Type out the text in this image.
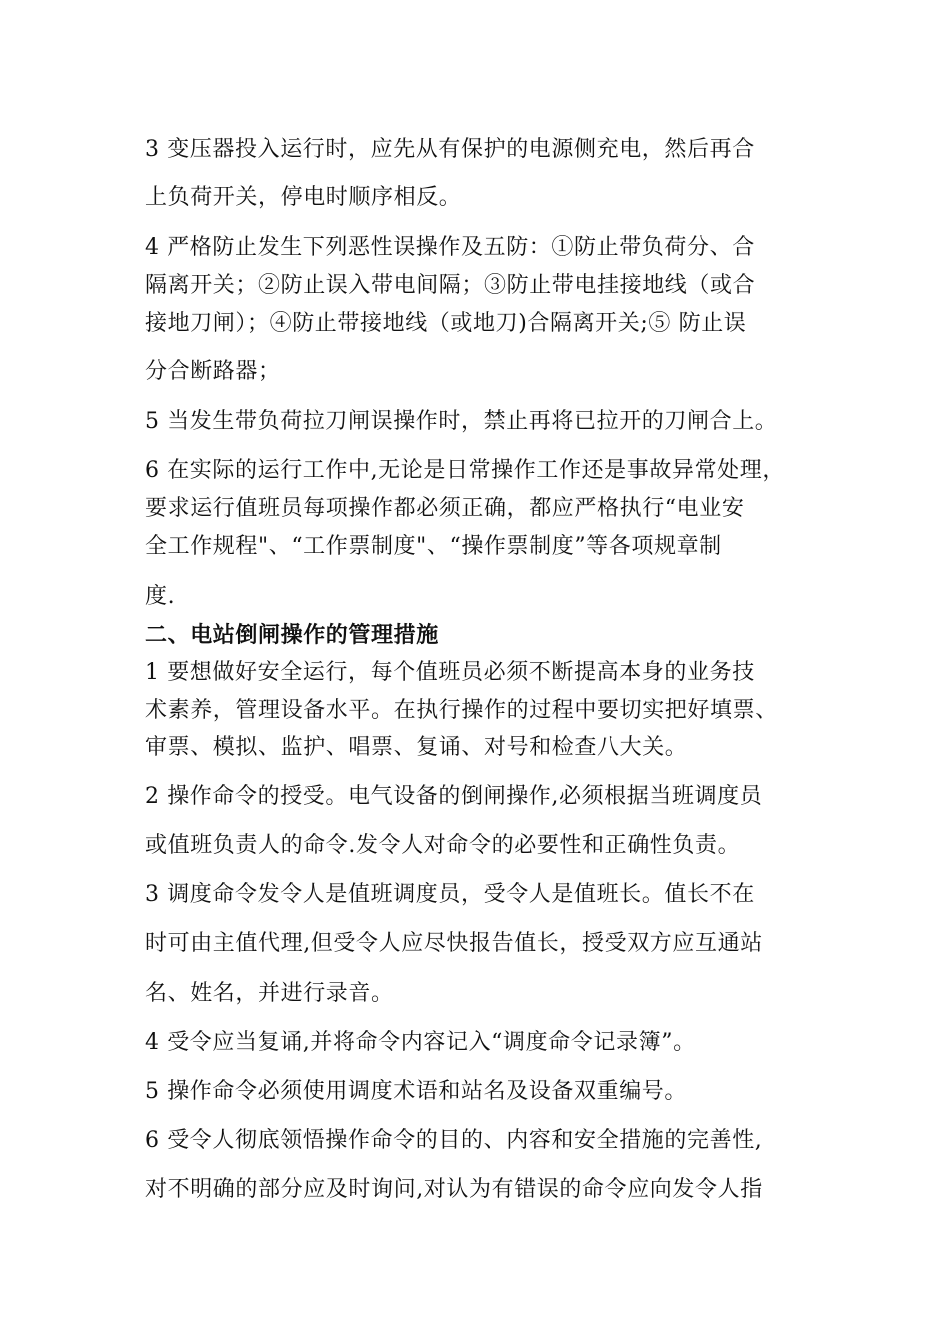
3 变压器投入运行时，应先从有保护的电源侧充电，然后再合
上负荷开关，停电时顺序相反。
4 严格防止发生下列恶性误操作及五防：①防止带负荷分、合
隔离开关；②防止误入带电间隔；③防止带电挂接地线（或合
接地刀闸）；④防止带接地线（或地刀)合隔离开关;⑤ 防止误
分合断路器；
5 当发生带负荷拉刀闸误操作时，禁止再将已拉开的刀闸合上。
6 在实际的运行工作中,无论是日常操作工作还是事故异常处理，
要求运行值班员每项操作都必须正确，都应严格执行“电业安
全工作规程"、“工作票制度"、“操作票制度”等各项规章制
度.
二、电站倒闸操作的管理措施
1 要想做好安全运行，每个值班员必须不断提高本身的业务技
术素养，管理设备水平。在执行操作的过程中要切实把好填票、
审票、模拟、监护、唱票、复诵、对号和检查八大关。
2 操作命令的授受。电气设备的倒闸操作,必须根据当班调度员
或值班负责人的命令.发令人对命令的必要性和正确性负责。
3 调度命令发令人是值班调度员，受令人是值班长。值长不在
时可由主值代理,但受令人应尽快报告值长，授受双方应互通站
名、姓名，并进行录音。
4 受令应当复诵,并将命令内容记入“调度命令记录簿”。
5 操作命令必须使用调度术语和站名及设备双重编号。
6 受令人彻底领悟操作命令的目的、内容和安全措施的完善性,
对不明确的部分应及时询问,对认为有错误的命令应向发令人指
